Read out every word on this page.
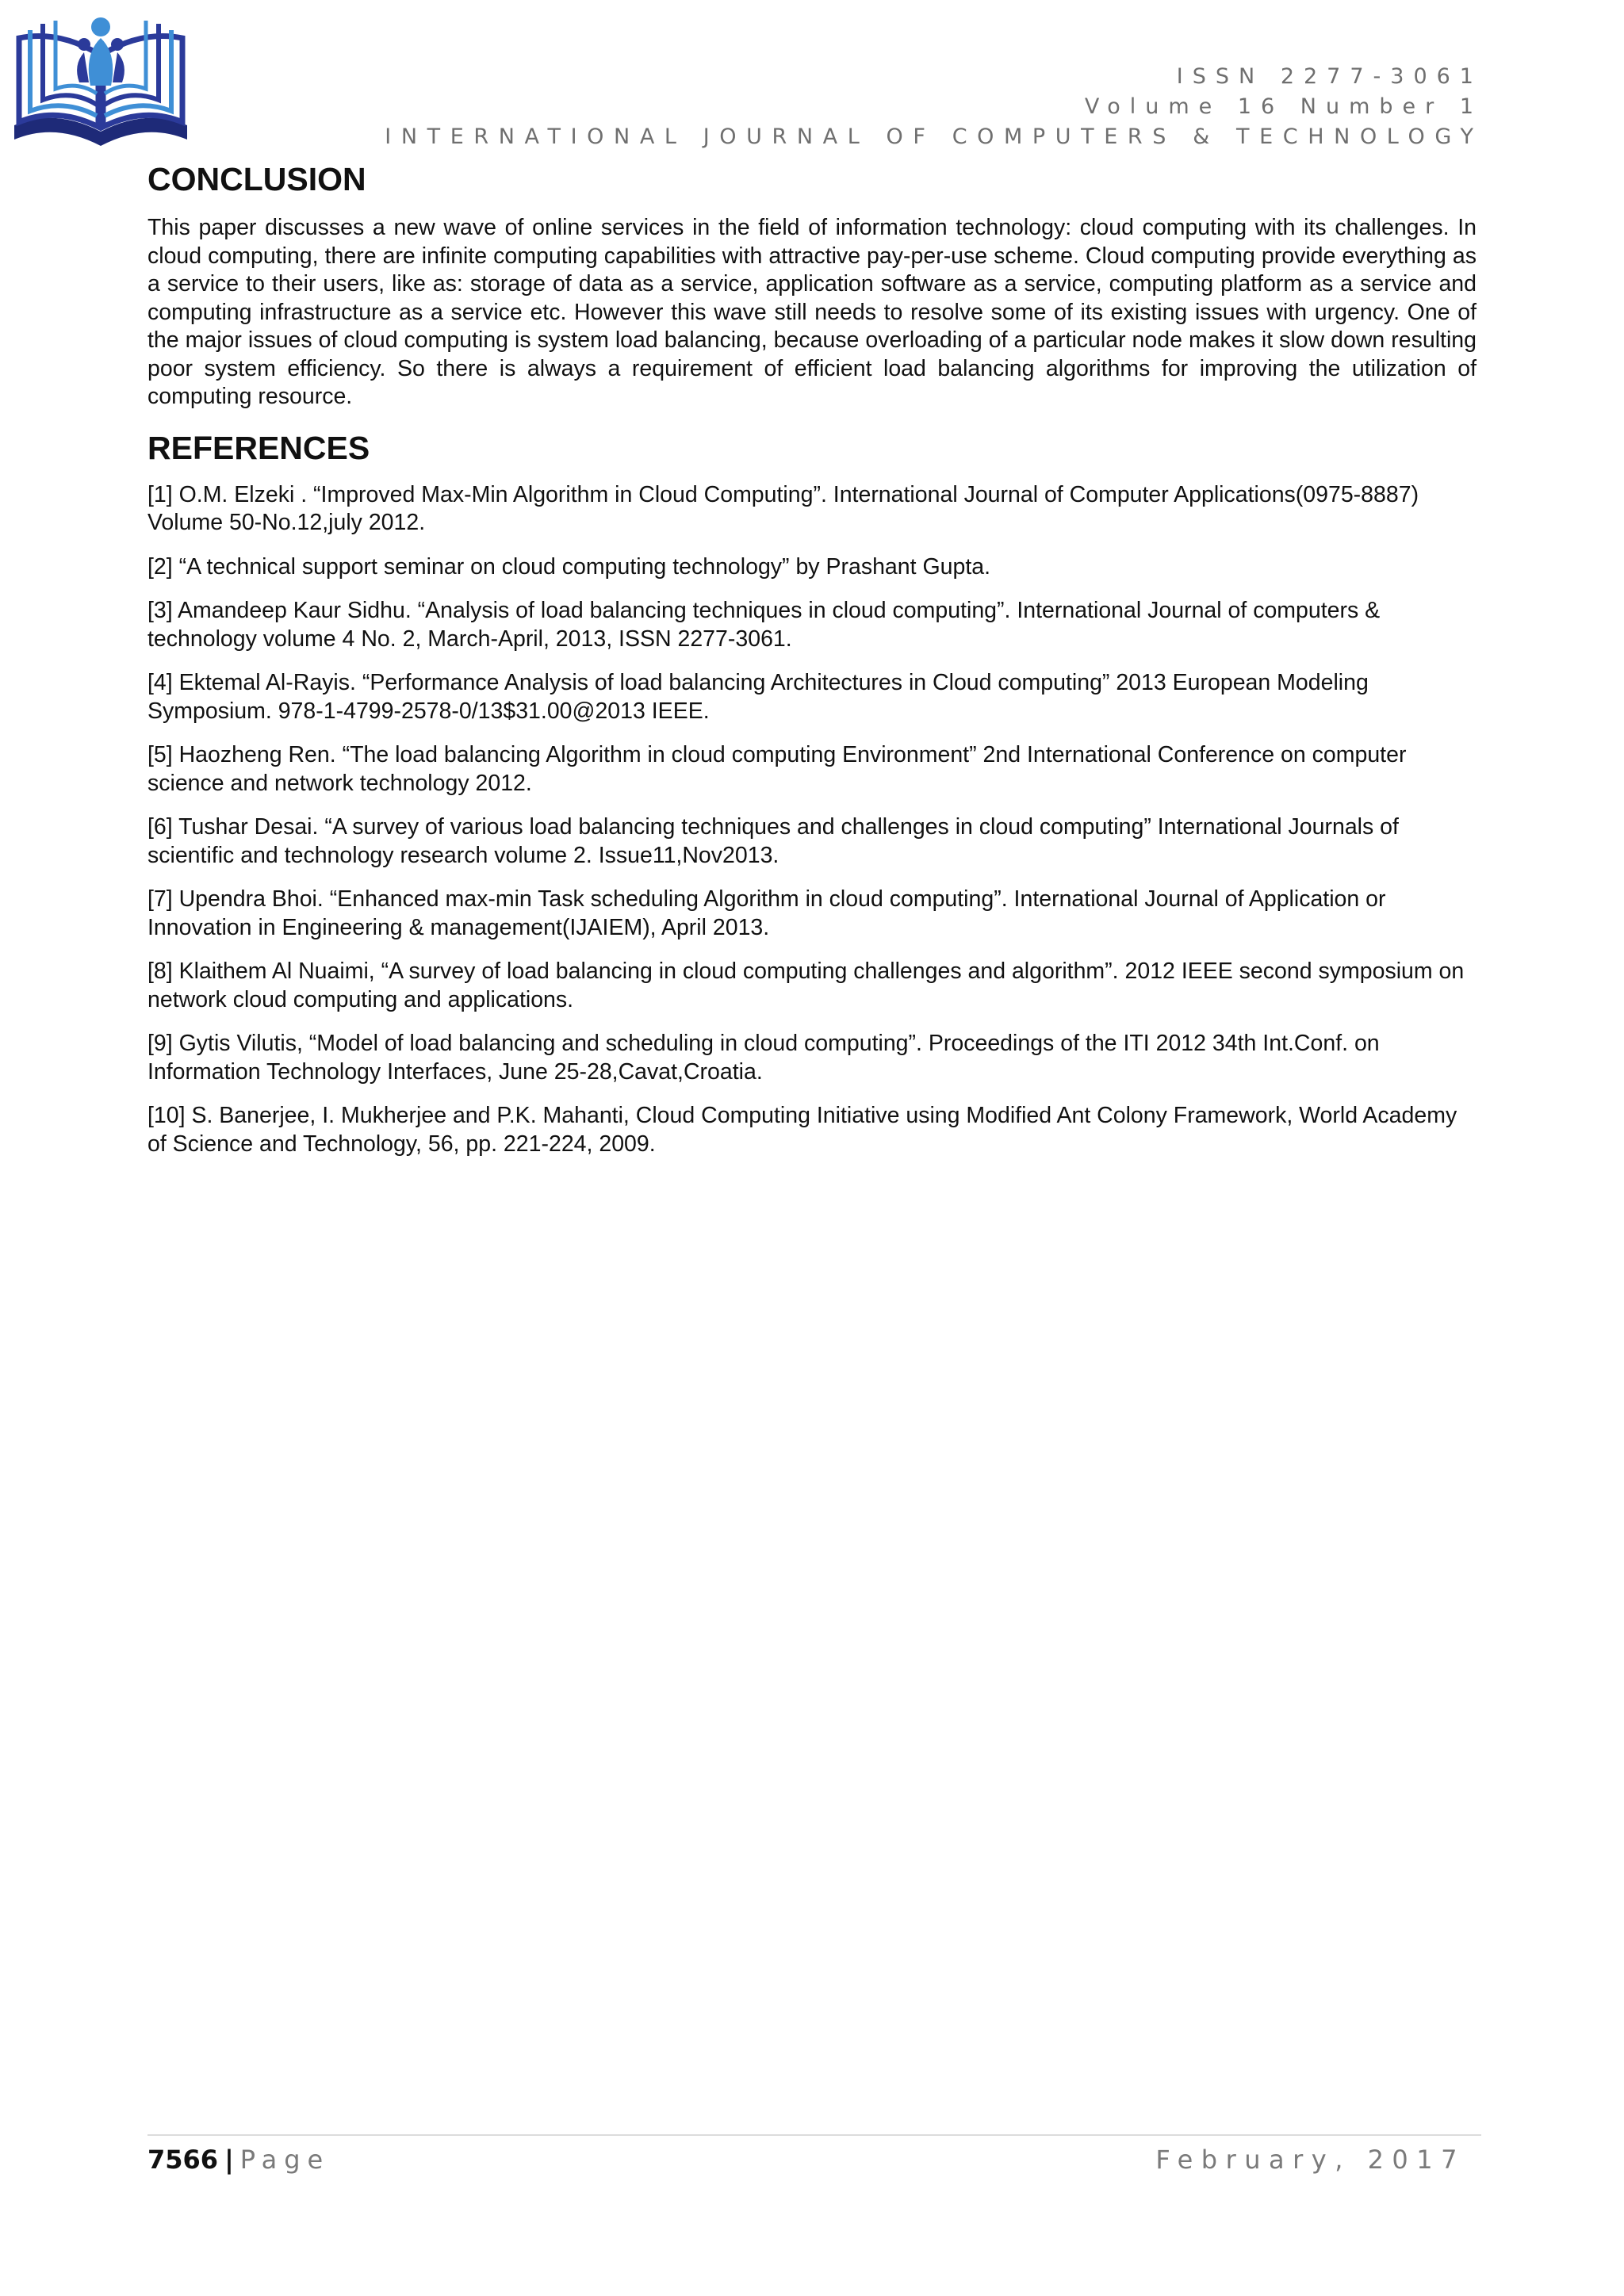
ISSN 2277-3061
Volume 16 Number 1
INTERNATIONAL JOURNAL OF COMPUTERS & TECHNOLOGY
CONCLUSION

This paper discusses a new wave of online services in the field of information technology: cloud computing with its challenges. In cloud computing, there are infinite computing capabilities with attractive pay-per-use scheme. Cloud computing provide everything as a service to their users, like as: storage of data as a service, application software as a service, computing platform as a service and computing infrastructure as a service etc. However this wave still needs to resolve some of its existing issues with urgency. One of the major issues of cloud computing is system load balancing, because overloading of a particular node makes it slow down resulting poor system efficiency. So there is always a requirement of efficient load balancing algorithms for improving the utilization of computing resource.

REFERENCES

[1] O.M. Elzeki . “Improved Max-Min Algorithm in Cloud Computing”. International Journal of Computer Applications(0975-8887) Volume 50-No.12,july 2012.

[2] “A technical support seminar on cloud computing technology” by Prashant Gupta.

[3] Amandeep Kaur Sidhu. “Analysis of load balancing techniques in cloud computing”. International Journal of computers & technology volume 4 No. 2, March-April, 2013, ISSN 2277-3061.

[4] Ektemal Al-Rayis. “Performance Analysis of load balancing Architectures in Cloud computing” 2013 European Modeling Symposium. 978-1-4799-2578-0/13$31.00@2013 IEEE.

[5] Haozheng Ren. “The load balancing Algorithm in cloud computing Environment” 2nd International Conference on computer science and network technology 2012.

[6] Tushar Desai. “A survey of various load balancing techniques and challenges in cloud computing” International Journals of scientific and technology research volume 2. Issue11,Nov2013.

[7] Upendra Bhoi. “Enhanced max-min Task scheduling Algorithm in cloud computing”. International Journal of Application or Innovation in Engineering & management(IJAIEM), April 2013.

[8] Klaithem Al Nuaimi, “A survey of load balancing in cloud computing challenges and algorithm”. 2012 IEEE second symposium on network cloud computing and applications.

[9] Gytis Vilutis, “Model of load balancing and scheduling in cloud computing”. Proceedings of the ITI 2012 34th Int.Conf. on Information Technology Interfaces, June 25-28,Cavat,Croatia.

[10] S. Banerjee, I. Mukherjee and P.K. Mahanti, Cloud Computing Initiative using Modified Ant Colony Framework, World Academy of Science and Technology, 56, pp. 221-224, 2009.

7566 | Page	February, 2017
